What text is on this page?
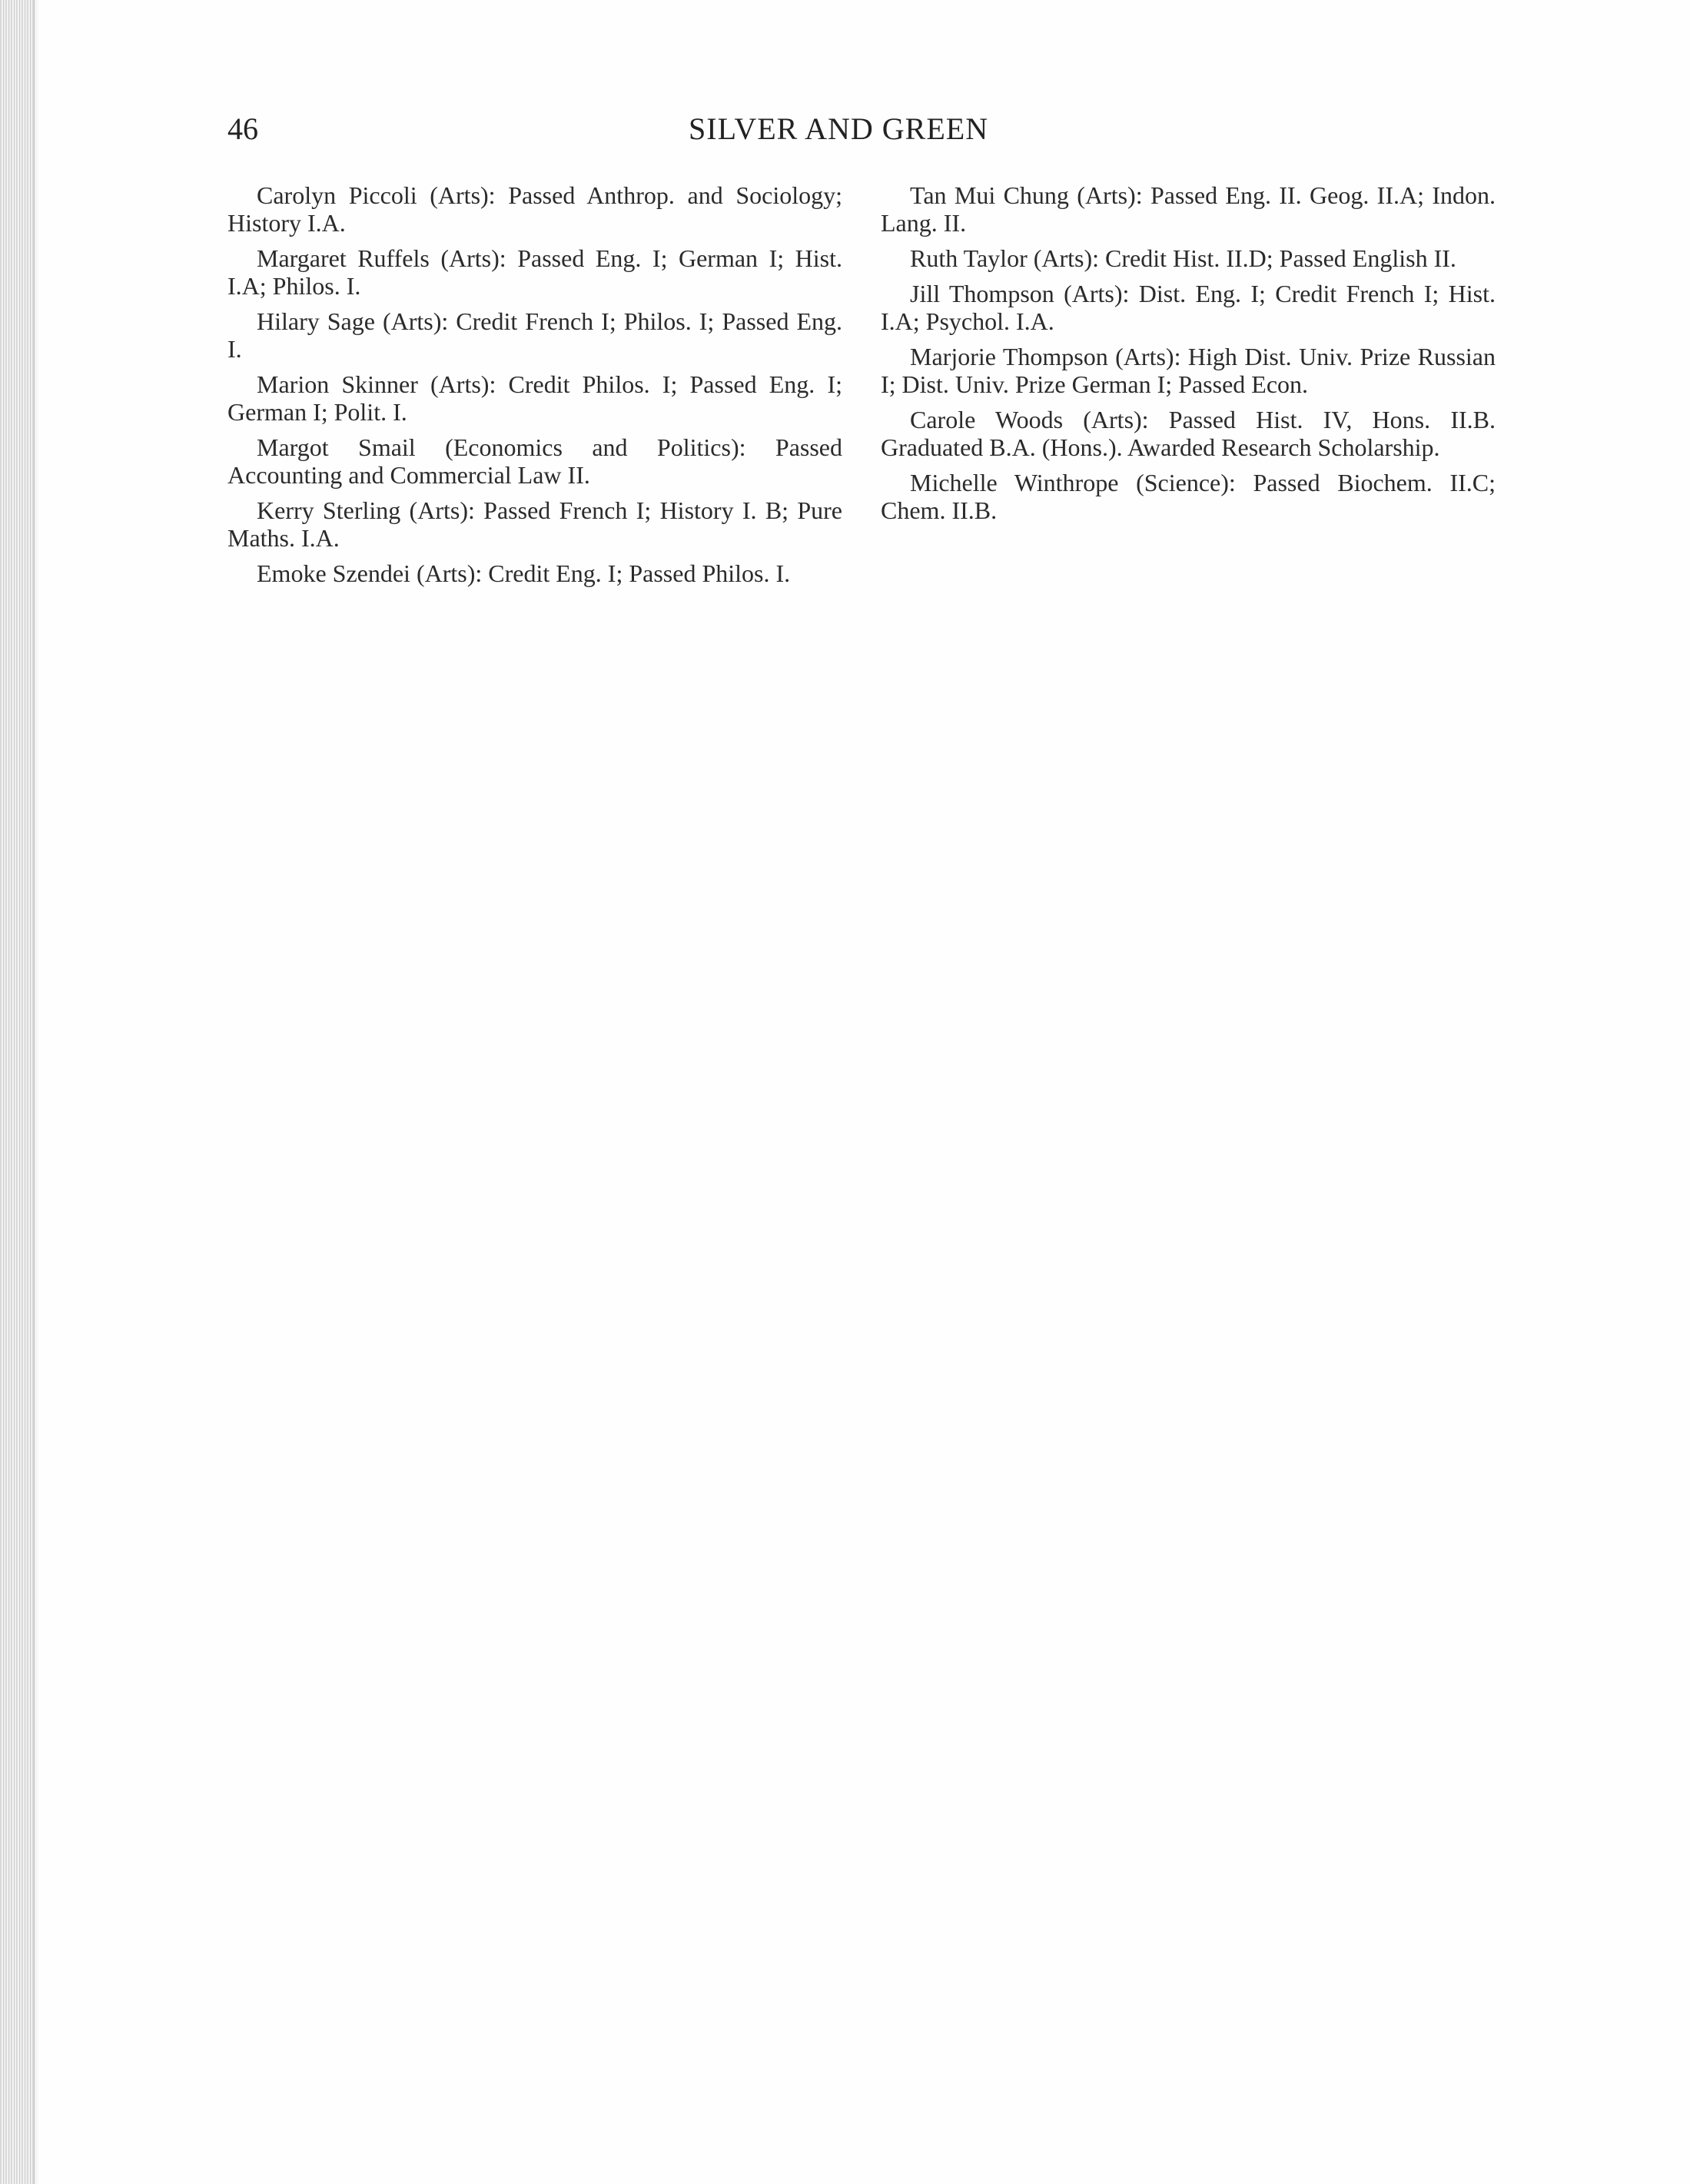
46	SILVER AND GREEN

Carolyn Piccoli (Arts): Passed Anthrop. and Sociology; History I.A.

Margaret Ruffels (Arts): Passed Eng. I; German I; Hist. I.A; Philos. I.

Hilary Sage (Arts): Credit French I; Philos. I; Passed Eng. I.

Marion Skinner (Arts): Credit Philos. I; Passed Eng. I; German I; Polit. I.

Margot Smail (Economics and Politics): Passed Accounting and Commercial Law II.

Kerry Sterling (Arts): Passed French I; History I. B; Pure Maths. I.A.

Emoke Szendei (Arts): Credit Eng. I; Passed Philos. I.

Tan Mui Chung (Arts): Passed Eng. II. Geog. II.A; Indon. Lang. II.

Ruth Taylor (Arts): Credit Hist. II.D; Passed English II.

Jill Thompson (Arts): Dist. Eng. I; Credit French I; Hist. I.A; Psychol. I.A.

Marjorie Thompson (Arts): High Dist. Univ. Prize Russian I; Dist. Univ. Prize German I; Passed Econ.

Carole Woods (Arts): Passed Hist. IV, Hons. II.B. Graduated B.A. (Hons.). Awarded Research Scholarship.

Michelle Winthrope (Science): Passed Biochem. II.C; Chem. II.B.
